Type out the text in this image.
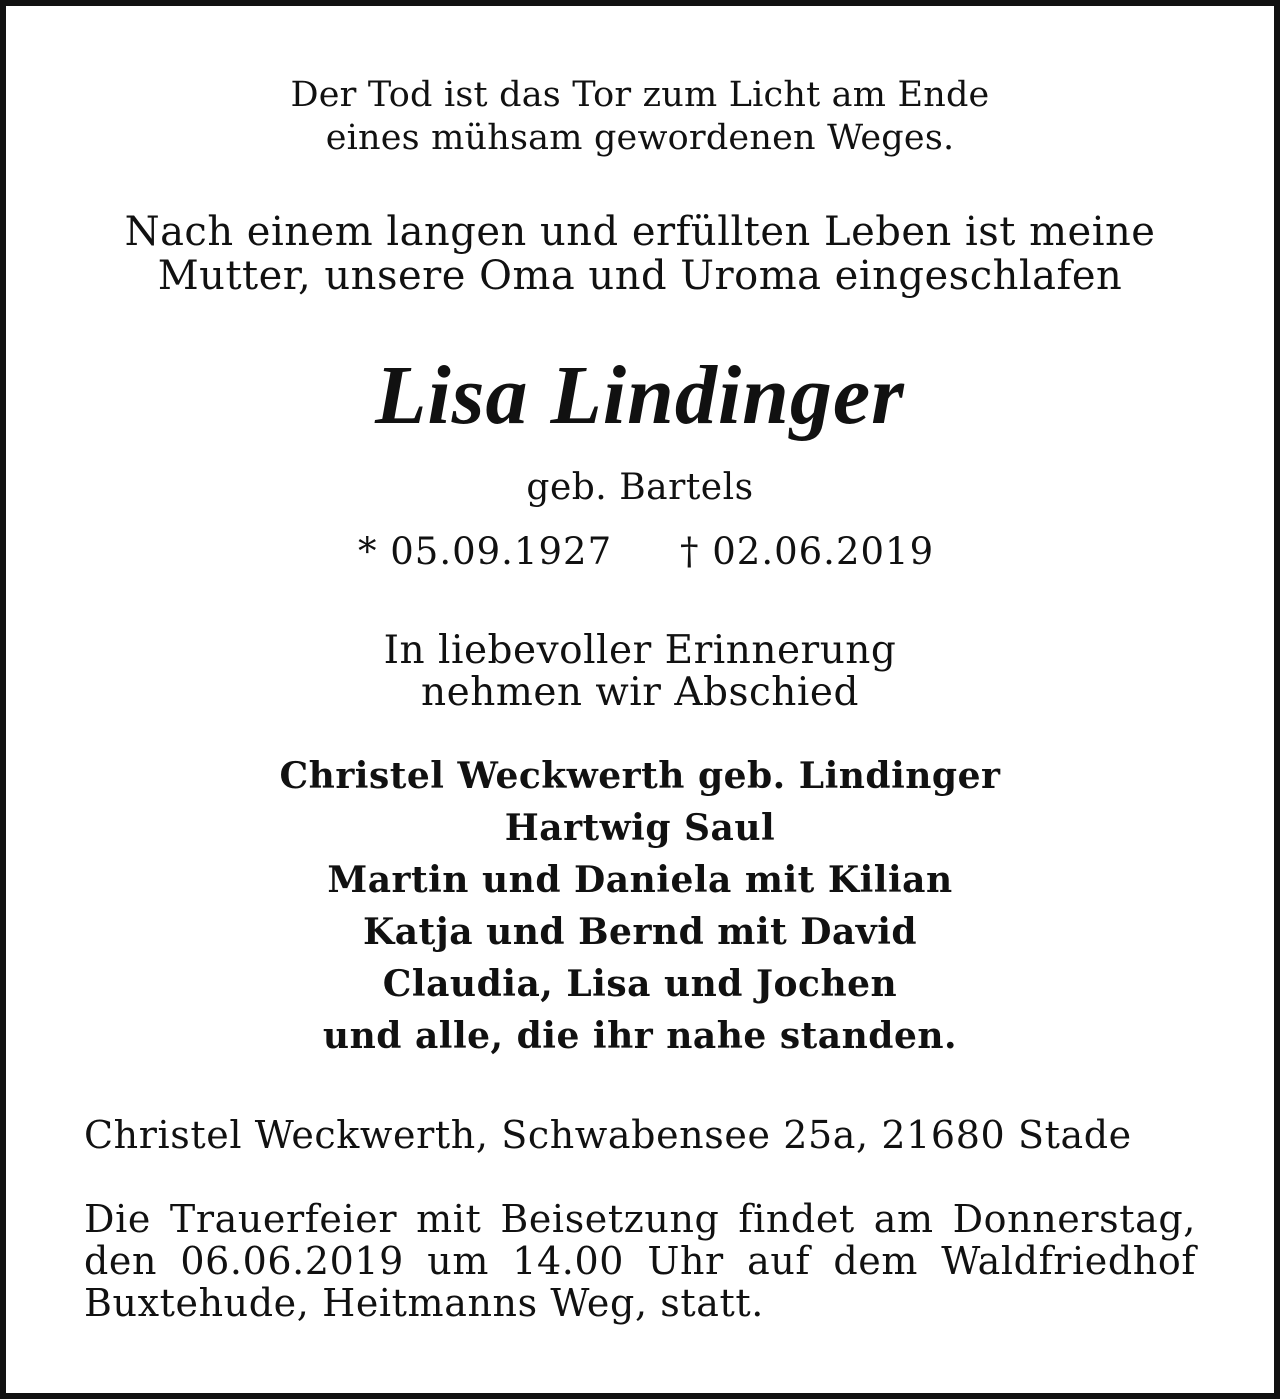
Der Tod ist das Tor zum Licht am Ende
eines mühsam gewordenen Weges.
Nach einem langen und erfüllten Leben ist meine
Mutter, unsere Oma und Uroma eingeschlafen
Lisa Lindinger
geb. Bartels
* 05.09.1927 † 02.06.2019
In liebevoller Erinnerung
nehmen wir Abschied
Christel Weckwerth geb. Lindinger
Hartwig Saul
Martin und Daniela mit Kilian
Katja und Bernd mit David
Claudia, Lisa und Jochen
und alle, die ihr nahe standen.
Christel Weckwerth, Schwabensee 25a, 21680 Stade
Die Trauerfeier mit Beisetzung findet am Donnerstag,
den 06.06.2019 um 14.00 Uhr auf dem Waldfriedhof
Buxtehude, Heitmanns Weg, statt.
